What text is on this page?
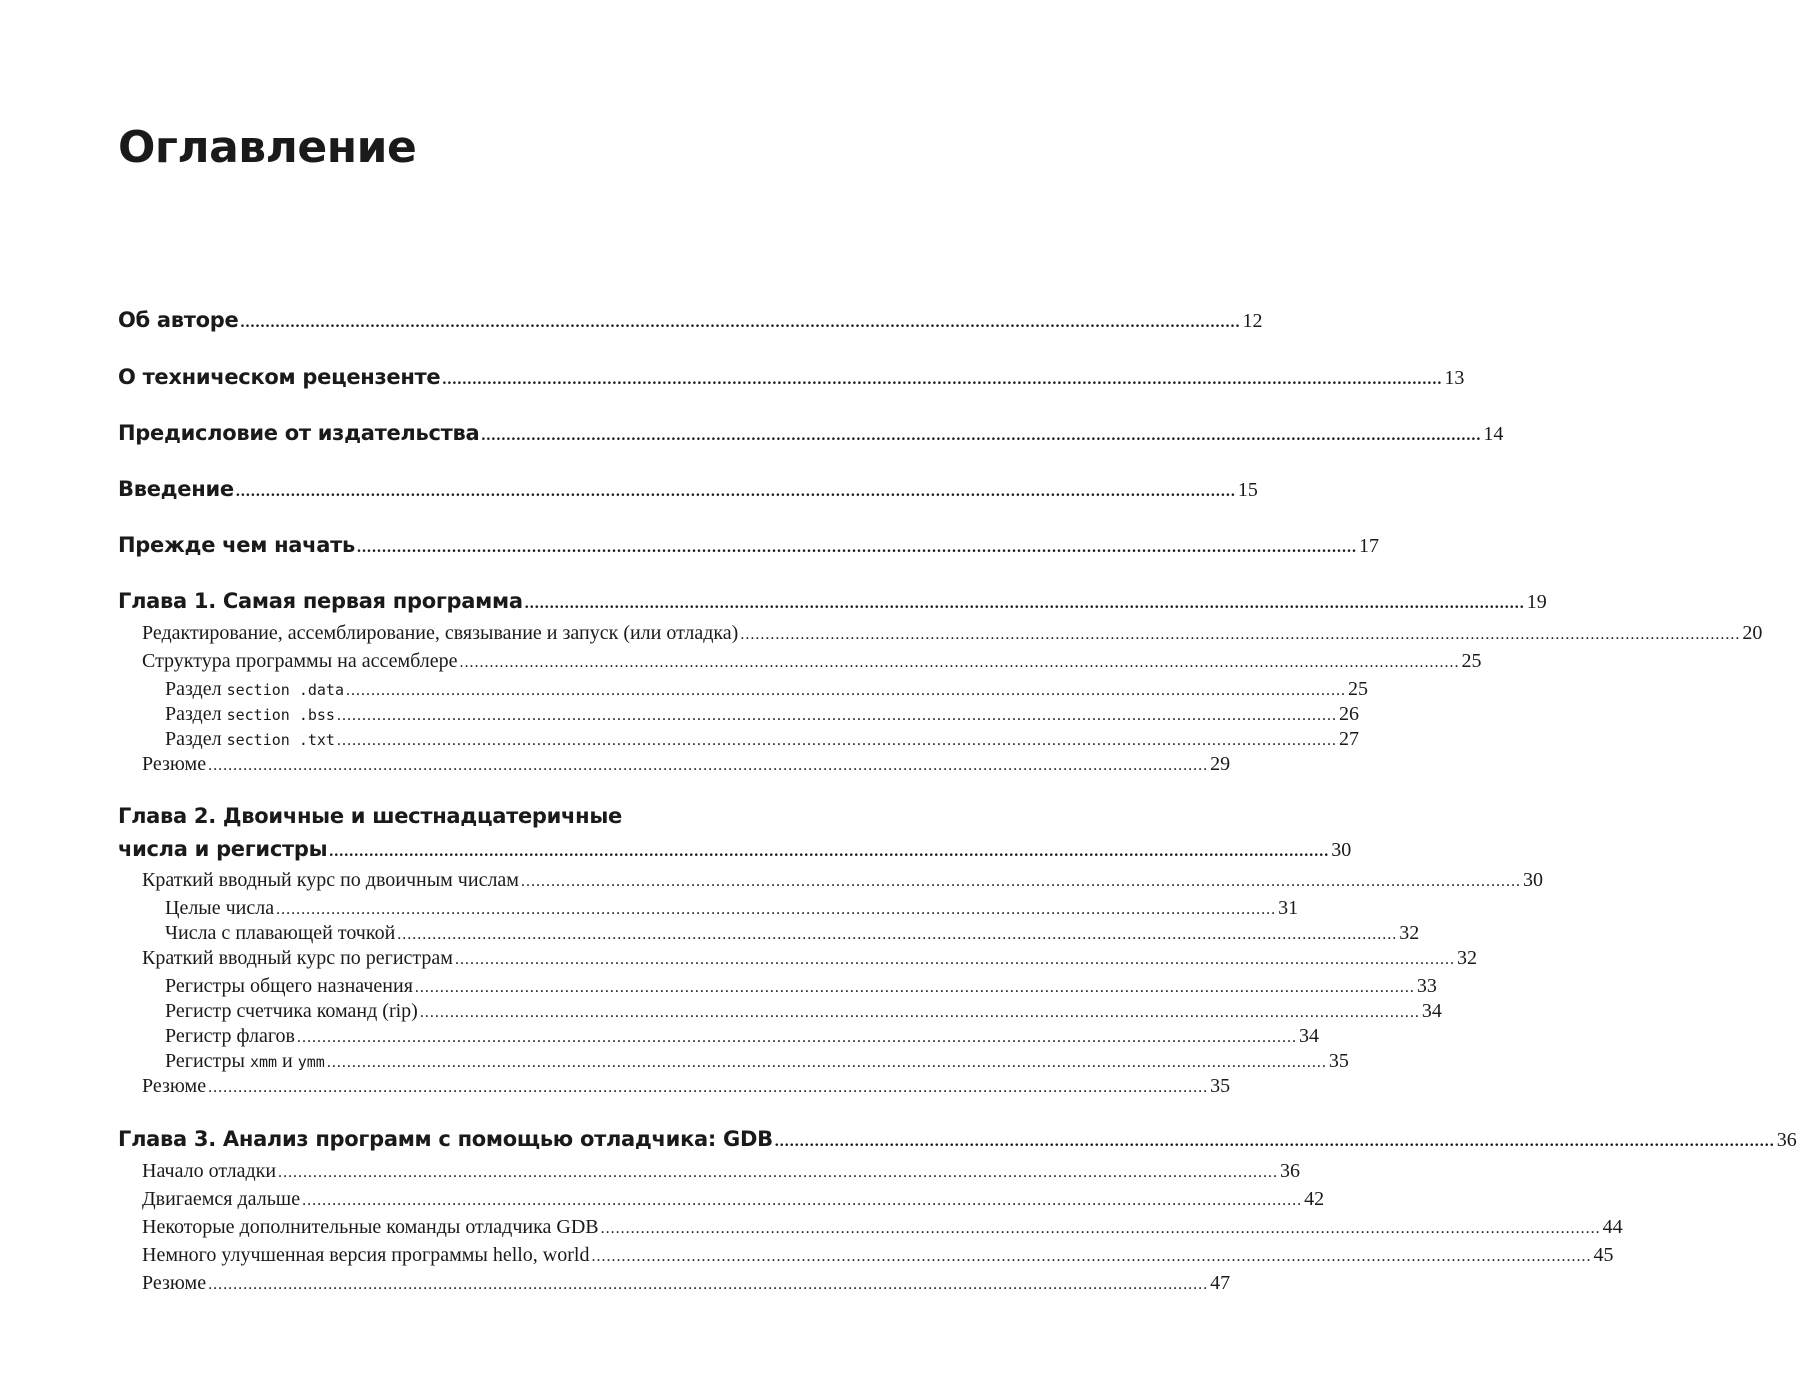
Оглавление
Об авторе ........................................................................................................................................................................................................ 12
О техническом рецензенте ........................................................................................................................................................................................................ 13
Предисловие от издательства ........................................................................................................................................................................................................ 14
Введение ........................................................................................................................................................................................................ 15
Прежде чем начать ........................................................................................................................................................................................................ 17
Глава 1. Самая первая программа ........................................................................................................................................................................................................ 19
Редактирование, ассемблирование, связывание и запуск (или отладка) ........................................................................................................................................................................................................ 20
Структура программы на ассемблере ........................................................................................................................................................................................................ 25
Раздел section .data ........................................................................................................................................................................................................ 25
Раздел section .bss ........................................................................................................................................................................................................ 26
Раздел section .txt ........................................................................................................................................................................................................ 27
Резюме ........................................................................................................................................................................................................ 29
Глава 2. Двоичные и шестнадцатеричные
числа и регистры ........................................................................................................................................................................................................ 30
Краткий вводный курс по двоичным числам ........................................................................................................................................................................................................ 30
Целые числа ........................................................................................................................................................................................................ 31
Числа с плавающей точкой ........................................................................................................................................................................................................ 32
Краткий вводный курс по регистрам ........................................................................................................................................................................................................ 32
Регистры общего назначения ........................................................................................................................................................................................................ 33
Регистр счетчика команд (rip) ........................................................................................................................................................................................................ 34
Регистр флагов ........................................................................................................................................................................................................ 34
Регистры xmm и ymm ........................................................................................................................................................................................................ 35
Резюме ........................................................................................................................................................................................................ 35
Глава 3. Анализ программ с помощью отладчика: GDB ........................................................................................................................................................................................................ 36
Начало отладки ........................................................................................................................................................................................................ 36
Двигаемся дальше ........................................................................................................................................................................................................ 42
Некоторые дополнительные команды отладчика GDB ........................................................................................................................................................................................................ 44
Немного улучшенная версия программы hello, world ........................................................................................................................................................................................................ 45
Резюме ........................................................................................................................................................................................................ 47
